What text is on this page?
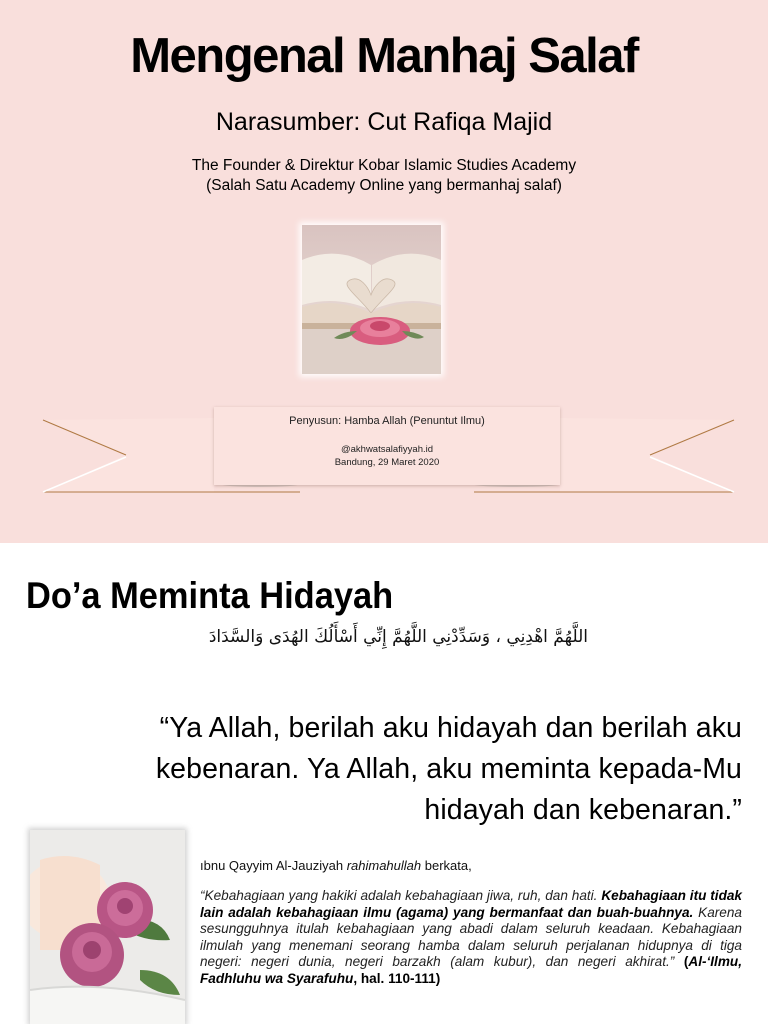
Mengenal Manhaj Salaf
Narasumber: Cut Rafiqa Majid
The Founder & Direktur Kobar Islamic Studies Academy
(Salah Satu Academy Online yang bermanhaj salaf)
Penyusun: Hamba Allah (Penuntut Ilmu)
@akhwatsalafiyyah.id
Bandung, 29 Maret 2020
Do’a Meminta Hidayah
اللَّهُمَّ اهْدِنِي ، وَسَدِّدْنِي اللَّهُمَّ إِنِّي أَسْأَلُكَ الهُدَى وَالسَّدَادَ
“Ya Allah, berilah aku hidayah dan berilah aku
kebenaran. Ya Allah, aku meminta kepada-Mu
hidayah dan kebenaran.”
ıbnu Qayyim Al-Jauziyah rahimahullah berkata,

“Kebahagiaan yang hakiki adalah kebahagiaan jiwa, ruh, dan hati. Kebahagiaan itu tidak lain adalah kebahagiaan ilmu (agama) yang bermanfaat dan buah-buahnya. Karena sesungguhnya itulah kebahagiaan yang abadi dalam seluruh keadaan. Kebahagiaan ilmulah yang menemani seorang hamba dalam seluruh perjalanan hidupnya di tiga negeri: negeri dunia, negeri barzakh (alam kubur), dan negeri akhirat.” (Al-‘Ilmu, Fadhluhu wa Syarafuhu, hal. 110-111)
